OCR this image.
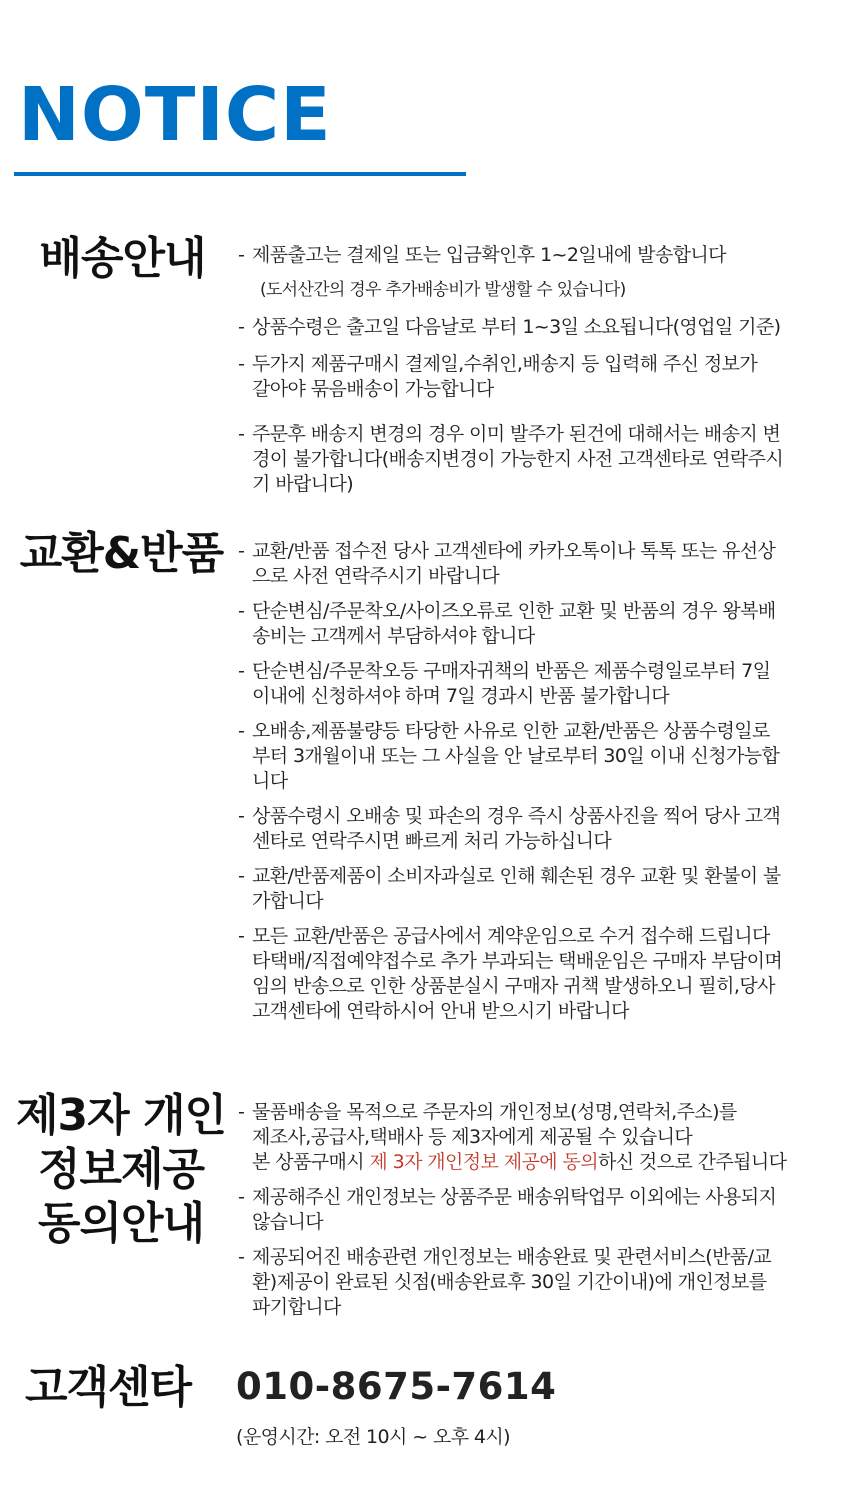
NOTICE
배송안내	- 제품출고는 결제일 또는 입금확인후 1~2일내에 발송합니다
(도서산간의 경우 추가배송비가 발생할 수 있습니다)
- 상품수령은 출고일 다음날로 부터 1~3일 소요됩니다(영업일 기준)
- 두가지 제품구매시 결제일,수취인,배송지 등 입력해 주신 정보가
갈아야 묶음배송이 가능합니다
- 주문후 배송지 변경의 경우 이미 발주가 된건에 대해서는 배송지 변
경이 불가합니다(배송지변경이 가능한지 사전 고객센타로 연락주시
기 바랍니다)
교환&반품 - 교환/반품 접수전 당사 고객센타에 카카오톡이나 톡톡 또는 유선상
으로 사전 연락주시기 바랍니다
- 단순변심/주문착오/사이즈오류로 인한 교환 및 반품의 경우 왕복배
송비는 고객께서 부담하셔야 합니다
- 단순변심/주문착오등 구매자귀책의 반품은 제품수령일로부터 7일
이내에 신청하셔야 하며 7일 경과시 반품 불가합니다
- 오배송,제품불량등 타당한 사유로 인한 교환/반품은 상품수령일로
부터 3개월이내 또는 그 사실을 안 날로부터 30일 이내 신청가능합
니다
- 상품수령시 오배송 및 파손의 경우 즉시 상품사진을 찍어 당사 고객
센타로 연락주시면 빠르게 처리 가능하십니다
- 교환/반품제품이 소비자과실로 인해 훼손된 경우 교환 및 환불이 불
가합니다
- 모든 교환/반품은 공급사에서 계약운임으로 수거 접수해 드립니다
타택배/직접예약접수로 추가 부과되는 택배운임은 구매자 부담이며
임의 반송으로 인한 상품분실시 구매자 귀책 발생하오니 필히,당사
고객센타에 연락하시어 안내 받으시기 바랍니다
제3자 개인
정보제공
동의안내
- 물품배송을 목적으로 주문자의 개인정보(성명,연락처,주소)를
제조사,공급사,택배사 등 제3자에게 제공될 수 있습니다
본 상품구매시 제 3자 개인정보 제공에 동의하신 것으로 간주됩니다
- 제공해주신 개인정보는 상품주문 배송위탁업무 이외에는 사용되지
않습니다
- 제공되어진 배송관련 개인정보는 배송완료 및 관련서비스(반품/교
환)제공이 완료된 싯점(배송완료후 30일 기간이내)에 개인정보를
파기합니다
고객센타 010-8675-7614
(운영시간: 오전 10시 ~ 오후 4시)
